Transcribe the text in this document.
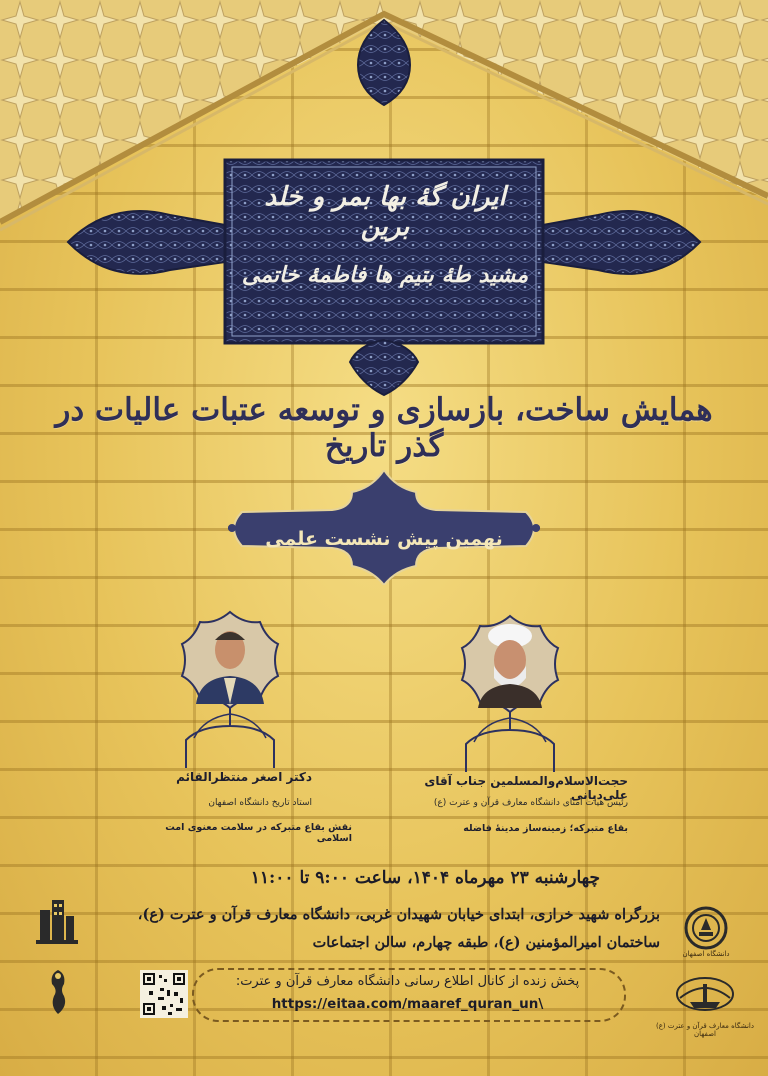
ایران گهٔ بها بمر و خلد برین
مشید طهٔ بتیم ها فاطمهٔ خاتمی
همایش ساخت، بازسازی و توسعه عتبات عالیات در گذر تاریخ
نهمین پیش نشست علمی
حجت‌الاسلام‌والمسلمین جناب آقای علی‌دیانی
رئیس هیات امنای دانشگاه معارف قرآن و عترت (ع)
بقاع متبرکه؛ زمینه‌ساز مدینهٔ فاضله
دکتر اصغر منتظرالقائم
استاد تاریخ دانشگاه اصفهان
نقش بقاع متبرکه در سلامت معنوی امت اسلامی
چهارشنبه ۲۳ مهرماه ۱۴۰۴، ساعت ۹:۰۰ تا ۱۱:۰۰
بزرگراه شهید خرازی، ابتدای خیابان شهیدان غربی، دانشگاه معارف قرآن و عترت (ع)،
ساختمان امیرالمؤمنین (ع)، طبقه چهارم، سالن اجتماعات
پخش زنده از کانال اطلاع رسانی دانشگاه معارف قرآن و عترت:
https://eitaa.com/maaref_quran_un\
دانشگاه اصفهان
دانشگاه معارف قرآن و عترت (ع) اصفهان
